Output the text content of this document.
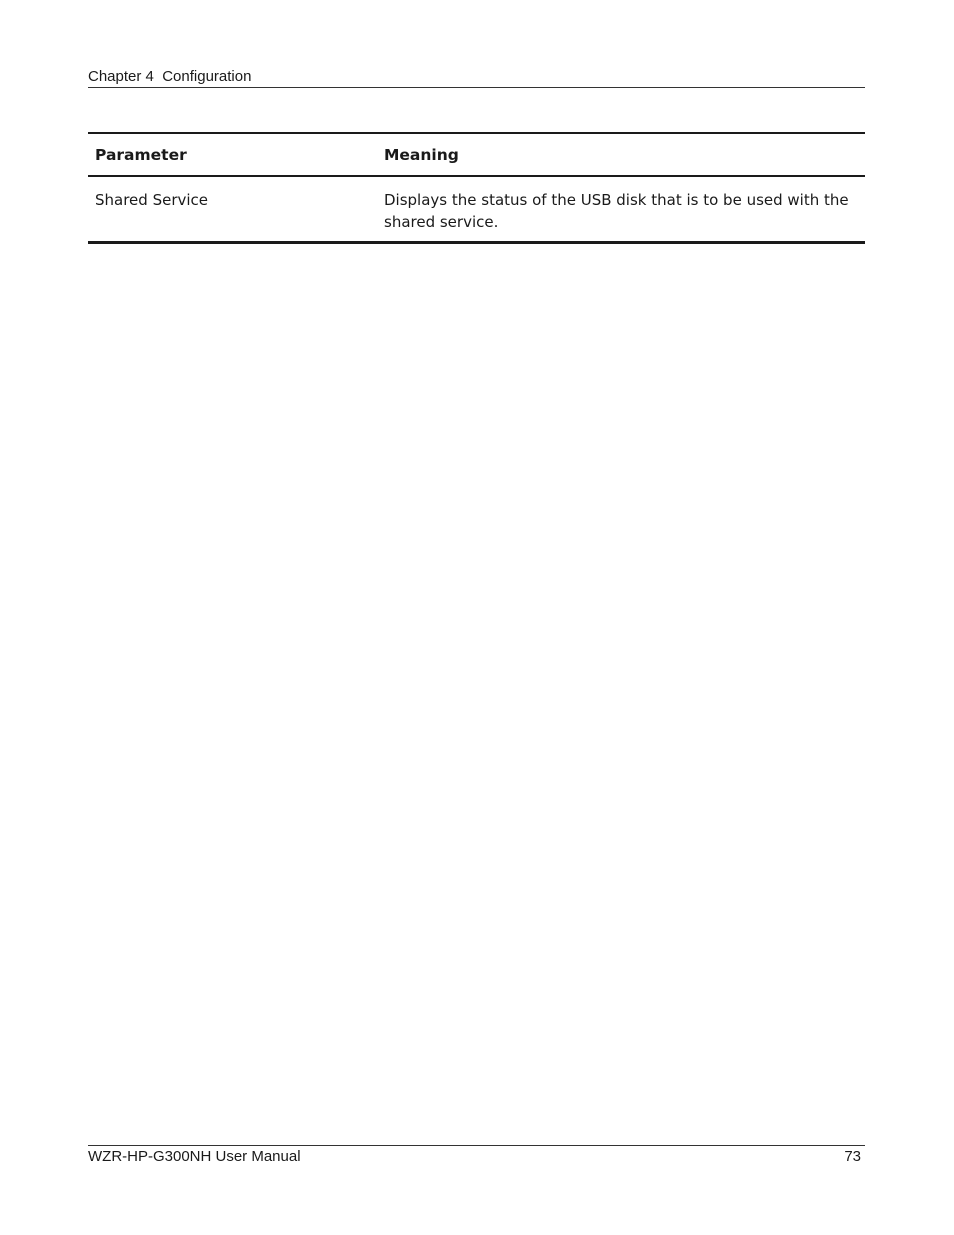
Chapter 4  Configuration
Parameter	Meaning
Shared Service	Displays the status of the USB disk that is to be used with the shared service.
WZR-HP-G300NH User Manual	73
